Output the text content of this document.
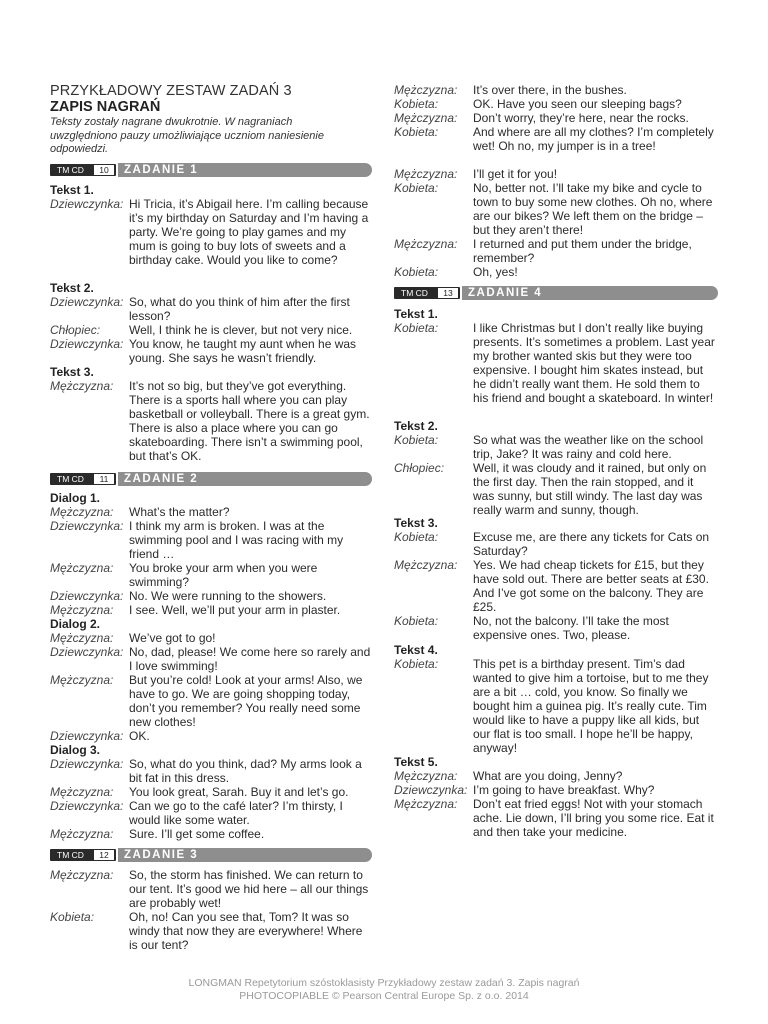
PRZYKŁADOWY ZESTAW ZADAŃ 3
ZAPIS NAGRAŃ
Teksty zostały nagrane dwukrotnie. W nagraniach uwzględniono pauzy umożliwiające uczniom naniesienie odpowiedzi.
TM CD	10	ZADANIE 1
Tekst 1.
Dziewczynka: Hi Tricia, it’s Abigail here. I’m calling because it’s my birthday on Saturday and I’m having a party. We’re going to play games and my mum is going to buy lots of sweets and a birthday cake. Would you like to come?
Tekst 2.
Dziewczynka: So, what do you think of him after the first lesson?
Chłopiec: Well, I think he is clever, but not very nice.
Dziewczynka: You know, he taught my aunt when he was young. She says he wasn’t friendly.
Tekst 3.
Mężczyzna: It’s not so big, but they’ve got everything. There is a sports hall where you can play basketball or volleyball. There is a great gym. There is also a place where you can go skateboarding. There isn’t a swimming pool, but that’s OK.
TM CD	11	ZADANIE 2
Dialog 1.
Mężczyzna: What’s the matter?
Dziewczynka: I think my arm is broken. I was at the swimming pool and I was racing with my friend …
Mężczyzna: You broke your arm when you were swimming?
Dziewczynka: No. We were running to the showers.
Mężczyzna: I see. Well, we’ll put your arm in plaster.
Dialog 2.
Mężczyzna: We’ve got to go!
Dziewczynka: No, dad, please! We come here so rarely and I love swimming!
Mężczyzna: But you’re cold! Look at your arms! Also, we have to go. We are going shopping today, don’t you remember? You really need some new clothes!
Dziewczynka: OK.
Dialog 3.
Dziewczynka: So, what do you think, dad? My arms look a bit fat in this dress.
Mężczyzna: You look great, Sarah. Buy it and let’s go.
Dziewczynka: Can we go to the café later? I’m thirsty, I would like some water.
Mężczyzna: Sure. I’ll get some coffee.
TM CD	12	ZADANIE 3
Mężczyzna: So, the storm has finished. We can return to our tent. It’s good we hid here – all our things are probably wet!
Kobieta:	Oh, no! Can you see that, Tom? It was so windy that now they are everywhere! Where is our tent?
Mężczyzna: It’s over there, in the bushes.
Kobieta:	OK. Have you seen our sleeping bags?
Mężczyzna: Don’t worry, they’re here, near the rocks.
Kobieta:	And where are all my clothes? I’m completely wet! Oh no, my jumper is in a tree!
Mężczyzna: I’ll get it for you!
Kobieta:	No, better not. I’ll take my bike and cycle to town to buy some new clothes. Oh no, where are our bikes? We left them on the bridge – but they aren’t there!
Mężczyzna: I returned and put them under the bridge, remember?
Kobieta:	Oh, yes!
TM CD	13	ZADANIE 4
Tekst 1.
Kobieta:	I like Christmas but I don’t really like buying presents. It’s sometimes a problem. Last year my brother wanted skis but they were too expensive. I bought him skates instead, but he didn’t really want them. He sold them to his friend and bought a skateboard. In winter!
Tekst 2.
Kobieta:	So what was the weather like on the school trip, Jake? It was rainy and cold here.
Chłopiec: Well, it was cloudy and it rained, but only on the first day. Then the rain stopped, and it was sunny, but still windy. The last day was really warm and sunny, though.
Tekst 3.
Kobieta:	Excuse me, are there any tickets for Cats on Saturday?
Mężczyzna: Yes. We had cheap tickets for £15, but they have sold out. There are better seats at £30. And I’ve got some on the balcony. They are £25.
Kobieta:	No, not the balcony. I’ll take the most expensive ones. Two, please.
Tekst 4.
Kobieta:	This pet is a birthday present. Tim’s dad wanted to give him a tortoise, but to me they are a bit … cold, you know. So finally we bought him a guinea pig. It’s really cute. Tim would like to have a puppy like all kids, but our flat is too small. I hope he’ll be happy, anyway!
Tekst 5.
Mężczyzna: What are you doing, Jenny?
Dziewczynka: I’m going to have breakfast. Why?
Mężczyzna: Don’t eat fried eggs! Not with your stomach ache. Lie down, I’ll bring you some rice. Eat it and then take your medicine.
LONGMAN Repetytorium szóstoklasisty Przykładowy zestaw zadań 3. Zapis nagrań
PHOTOCOPIABLE © Pearson Central Europe Sp. z o.o. 2014
